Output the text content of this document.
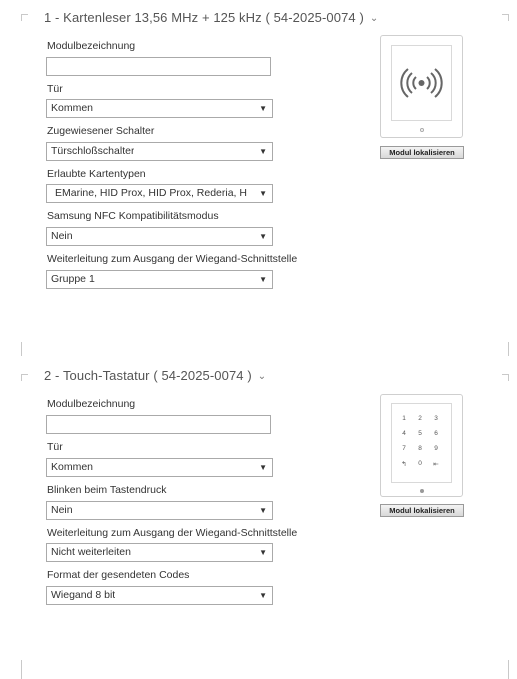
1 - Kartenleser 13,56 MHz + 125 kHz ( 54-2025-0074 ) ⌄
Modulbezeichnung
Tür
Kommen	▼
Zugewiesener Schalter
Türschloßschalter	▼
Erlaubte Kartentypen
EMarine, HID Prox, HID Prox, Rederia, H ▼
Samsung NFC Kompatibilitätsmodus
Nein	▼
Weiterleitung zum Ausgang der Wiegand-Schnittstelle
Gruppe 1	▼
Modul lokalisieren
2 - Touch-Tastatur ( 54-2025-0074 ) ⌄
Modulbezeichnung
Tür
Kommen	▼
Blinken beim Tastendruck
Nein	▼
Weiterleitung zum Ausgang der Wiegand-Schnittstelle
Nicht weiterleiten	▼
Format der gesendeten Codes
Wiegand 8 bit	▼
1	2	3
4	5	6
7	8	9
↰	0	⇤
Modul lokalisieren
